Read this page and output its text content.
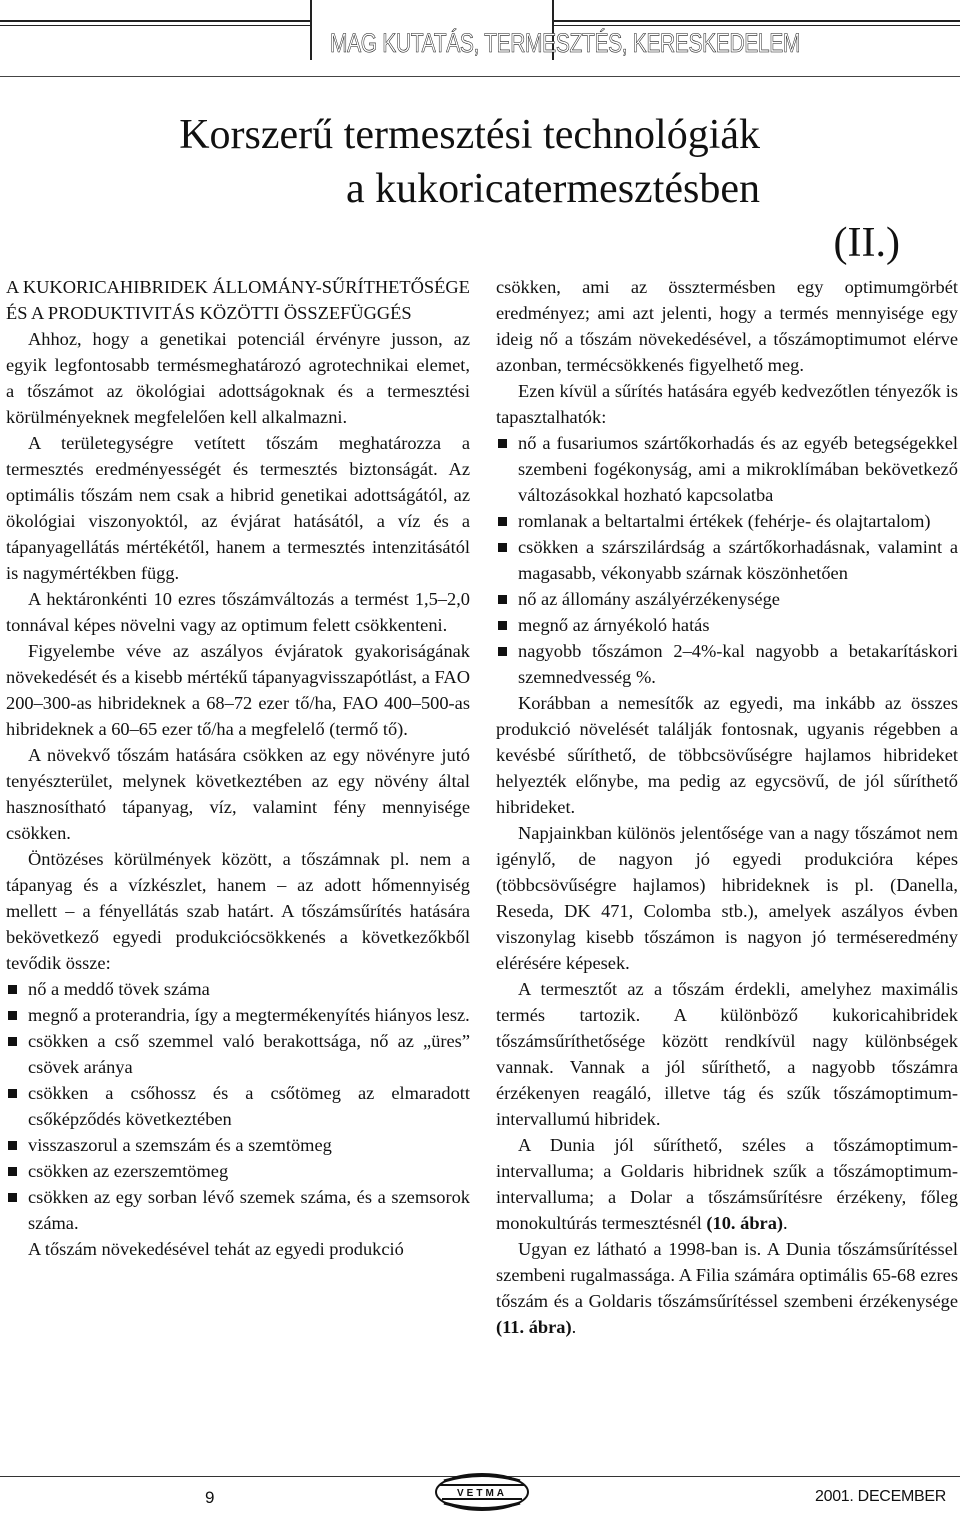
MAG KUTATÁS, TERMESZTÉS, KERESKEDELEM
Korszerű termesztési technológiák
a kukoricatermesztésben
(II.)
A KUKORICAHIBRIDEK ÁLLOMÁNY-SŰRÍTHETŐSÉGE ÉS A PRODUKTIVITÁS KÖZÖTTI ÖSSZEFÜGGÉS

Ahhoz, hogy a genetikai potenciál érvényre jusson, az egyik legfontosabb termésmeghatározó agrotechnikai elemet, a tőszámot az ökológiai adottságoknak és a termesztési körülményeknek megfelelően kell alkalmazni.

A területegységre vetített tőszám meghatározza a termesztés eredményességét és termesztés biztonságát. Az optimális tőszám nem csak a hibrid genetikai adottságától, az ökológiai viszonyoktól, az évjárat hatásától, a víz és a tápanyagellátás mértékétől, hanem a termesztés intenzitásától is nagymértékben függ.

A hektáronkénti 10 ezres tőszámváltozás a termést 1,5–2,0 tonnával képes növelni vagy az optimum felett csökkenteni.

Figyelembe véve az aszályos évjáratok gyakoriságának növekedését és a kisebb mértékű tápanyagvisszapótlást, a FAO 200–300-as hibrideknek a 68–72 ezer tő/ha, FAO 400–500-as hibrideknek a 60–65 ezer tő/ha a megfelelő (termő tő).

A növekvő tőszám hatására csökken az egy növényre jutó tenyészterület, melynek következtében az egy növény által hasznosítható tápanyag, víz, valamint fény mennyisége csökken.

Öntözéses körülmények között, a tőszámnak pl. nem a tápanyag és a vízkészlet, hanem – az adott hőmennyiség mellett – a fényellátás szab határt. A tőszámsűrítés hatására bekövetkező egyedi produkciócsökkenés a következőkből tevődik össze:

nő a meddő tövek száma
megnő a proterandria, így a megtermékenyítés hiányos lesz.
csökken a cső szemmel való berakottsága, nő az „üres” csövek aránya
csökken a csőhossz és a csőtömeg az elmaradott csőképződés következtében
visszaszorul a szemszám és a szemtömeg
csökken az ezerszemtömeg
csökken az egy sorban lévő szemek száma, és a szemsorok száma.

A tőszám növekedésével tehát az egyedi produkció

csökken, ami az össztermésben egy optimumgörbét eredményez; ami azt jelenti, hogy a termés mennyisége egy ideig nő a tőszám növekedésével, a tőszámoptimumot elérve azonban, termécsökkenés figyelhető meg.

Ezen kívül a sűrítés hatására egyéb kedvezőtlen tényezők is tapasztalhatók:

nő a fusariumos szártőkorhadás és az egyéb betegségekkel szembeni fogékonyság, ami a mikroklímában bekövetkező változásokkal hozható kapcsolatba
romlanak a beltartalmi értékek (fehérje- és olajtartalom)
csökken a szárszilárdság a szártőkorhadásnak, valamint a magasabb, vékonyabb szárnak köszönhetően
nő az állomány aszályérzékenysége
megnő az árnyékoló hatás
nagyobb tőszámon 2–4%-kal nagyobb a betakarításkori szemnedvesség %.

Korábban a nemesítők az egyedi, ma inkább az összes produkció növelését találják fontosnak, ugyanis régebben a kevésbé sűríthető, de többcsövűségre hajlamos hibrideket helyezték előnybe, ma pedig az egycsövű, de jól sűríthető hibrideket.

Napjainkban különös jelentősége van a nagy tőszámot nem igénylő, de nagyon jó egyedi produkcióra képes (többcsövűségre hajlamos) hibrideknek is pl. (Danella, Reseda, DK 471, Colomba stb.), amelyek aszályos évben viszonylag kisebb tőszámon is nagyon jó terméseredmény elérésére képesek.

A termesztőt az a tőszám érdekli, amelyhez maximális termés tartozik. A különböző kukoricahibridek tőszámsűríthetősége között rendkívül nagy különbségek vannak. Vannak a jól sűríthető, a nagyobb tőszámra érzékenyen reagáló, illetve tág és szűk tőszámoptimum-intervallumú hibridek.

A Dunia jól sűríthető, széles a tőszámoptimum-intervalluma; a Goldaris hibridnek szűk a tőszámoptimum-intervalluma; a Dolar a tőszámsűrítésre érzékeny, főleg monokultúrás termesztésnél (10. ábra).

Ugyan ez látható a 1998-ban is. A Dunia tőszámsűrítéssel szembeni rugalmassága. A Filia számára optimális 65-68 ezres tőszám és a Goldaris tőszámsűrítéssel szembeni érzékenysége (11. ábra).

9	VETMA	2001. DECEMBER
